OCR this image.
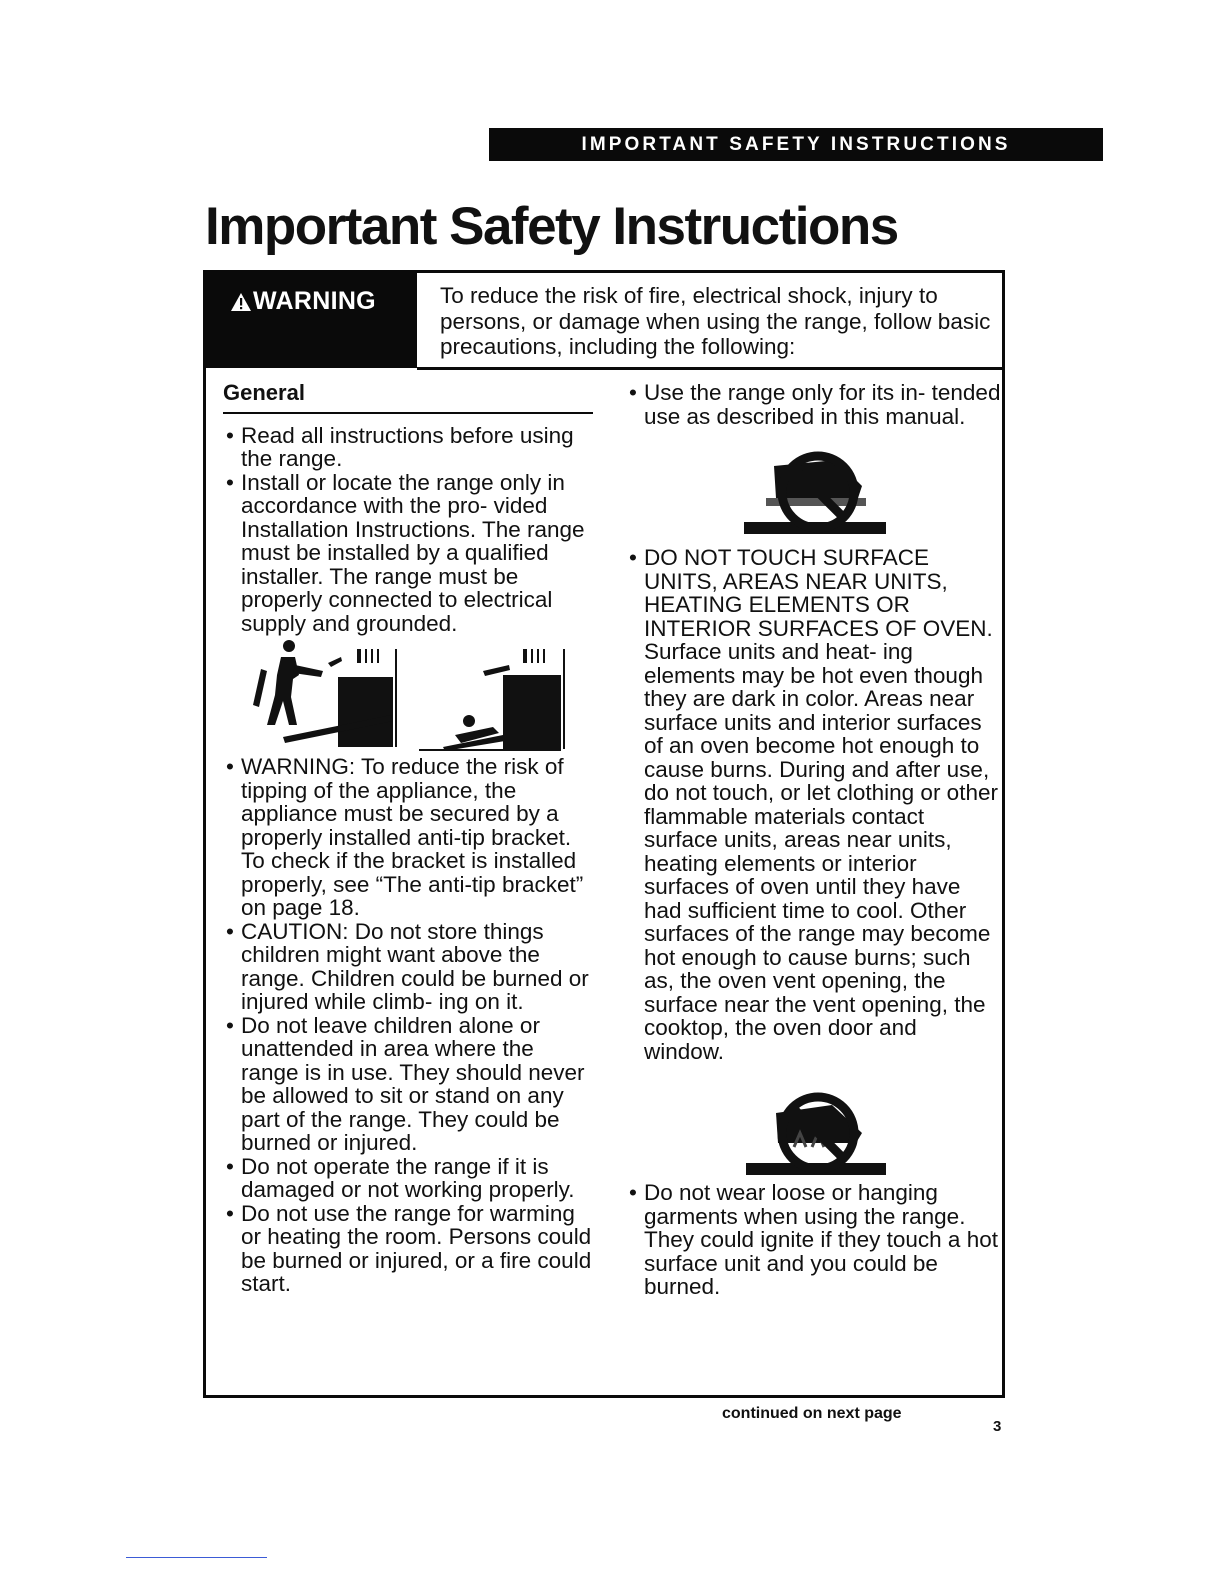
IMPORTANT SAFETY INSTRUCTIONS
Important Safety Instructions
WARNING	To reduce the risk of fire, electrical shock, injury to persons, or damage when using the range, follow basic precautions, including the following:
General

• Read all instructions before using the range.

• Install or locate the range only in accordance with the pro- vided Installation Instructions. The range must be installed by a qualified installer. The range must be properly connected to electrical supply and grounded.

• WARNING: To reduce the risk of tipping of the appliance, the appliance must be secured by a properly installed anti-tip bracket. To check if the bracket is installed properly, see “The anti-tip bracket” on page 18.

• CAUTION: Do not store things children might want above the range. Children could be burned or injured while climb- ing on it.

• Do not leave children alone or unattended in area where the range is in use. They should never be allowed to sit or stand on any part of the range. They could be burned or injured.

• Do not operate the range if it is damaged or not working properly.

• Do not use the range for warming or heating the room. Persons could be burned or injured, or a fire could start.

• Use the range only for its in- tended use as described in this manual.

• DO NOT TOUCH SURFACE UNITS, AREAS NEAR UNITS, HEATING ELEMENTS OR INTERIOR SURFACES OF OVEN. Surface units and heat- ing elements may be hot even though they are dark in color. Areas near surface units and interior surfaces of an oven become hot enough to cause burns. During and after use, do not touch, or let clothing or other flammable materials contact surface units, areas near units, heating elements or interior surfaces of oven until they have had sufficient time to cool. Other surfaces of the range may become hot enough to cause burns; such as, the oven vent opening, the surface near the vent opening, the cooktop, the oven door and window.

• Do not wear loose or hanging garments when using the range. They could ignite if they touch a hot surface unit and you could be burned.

continued on next page
3
